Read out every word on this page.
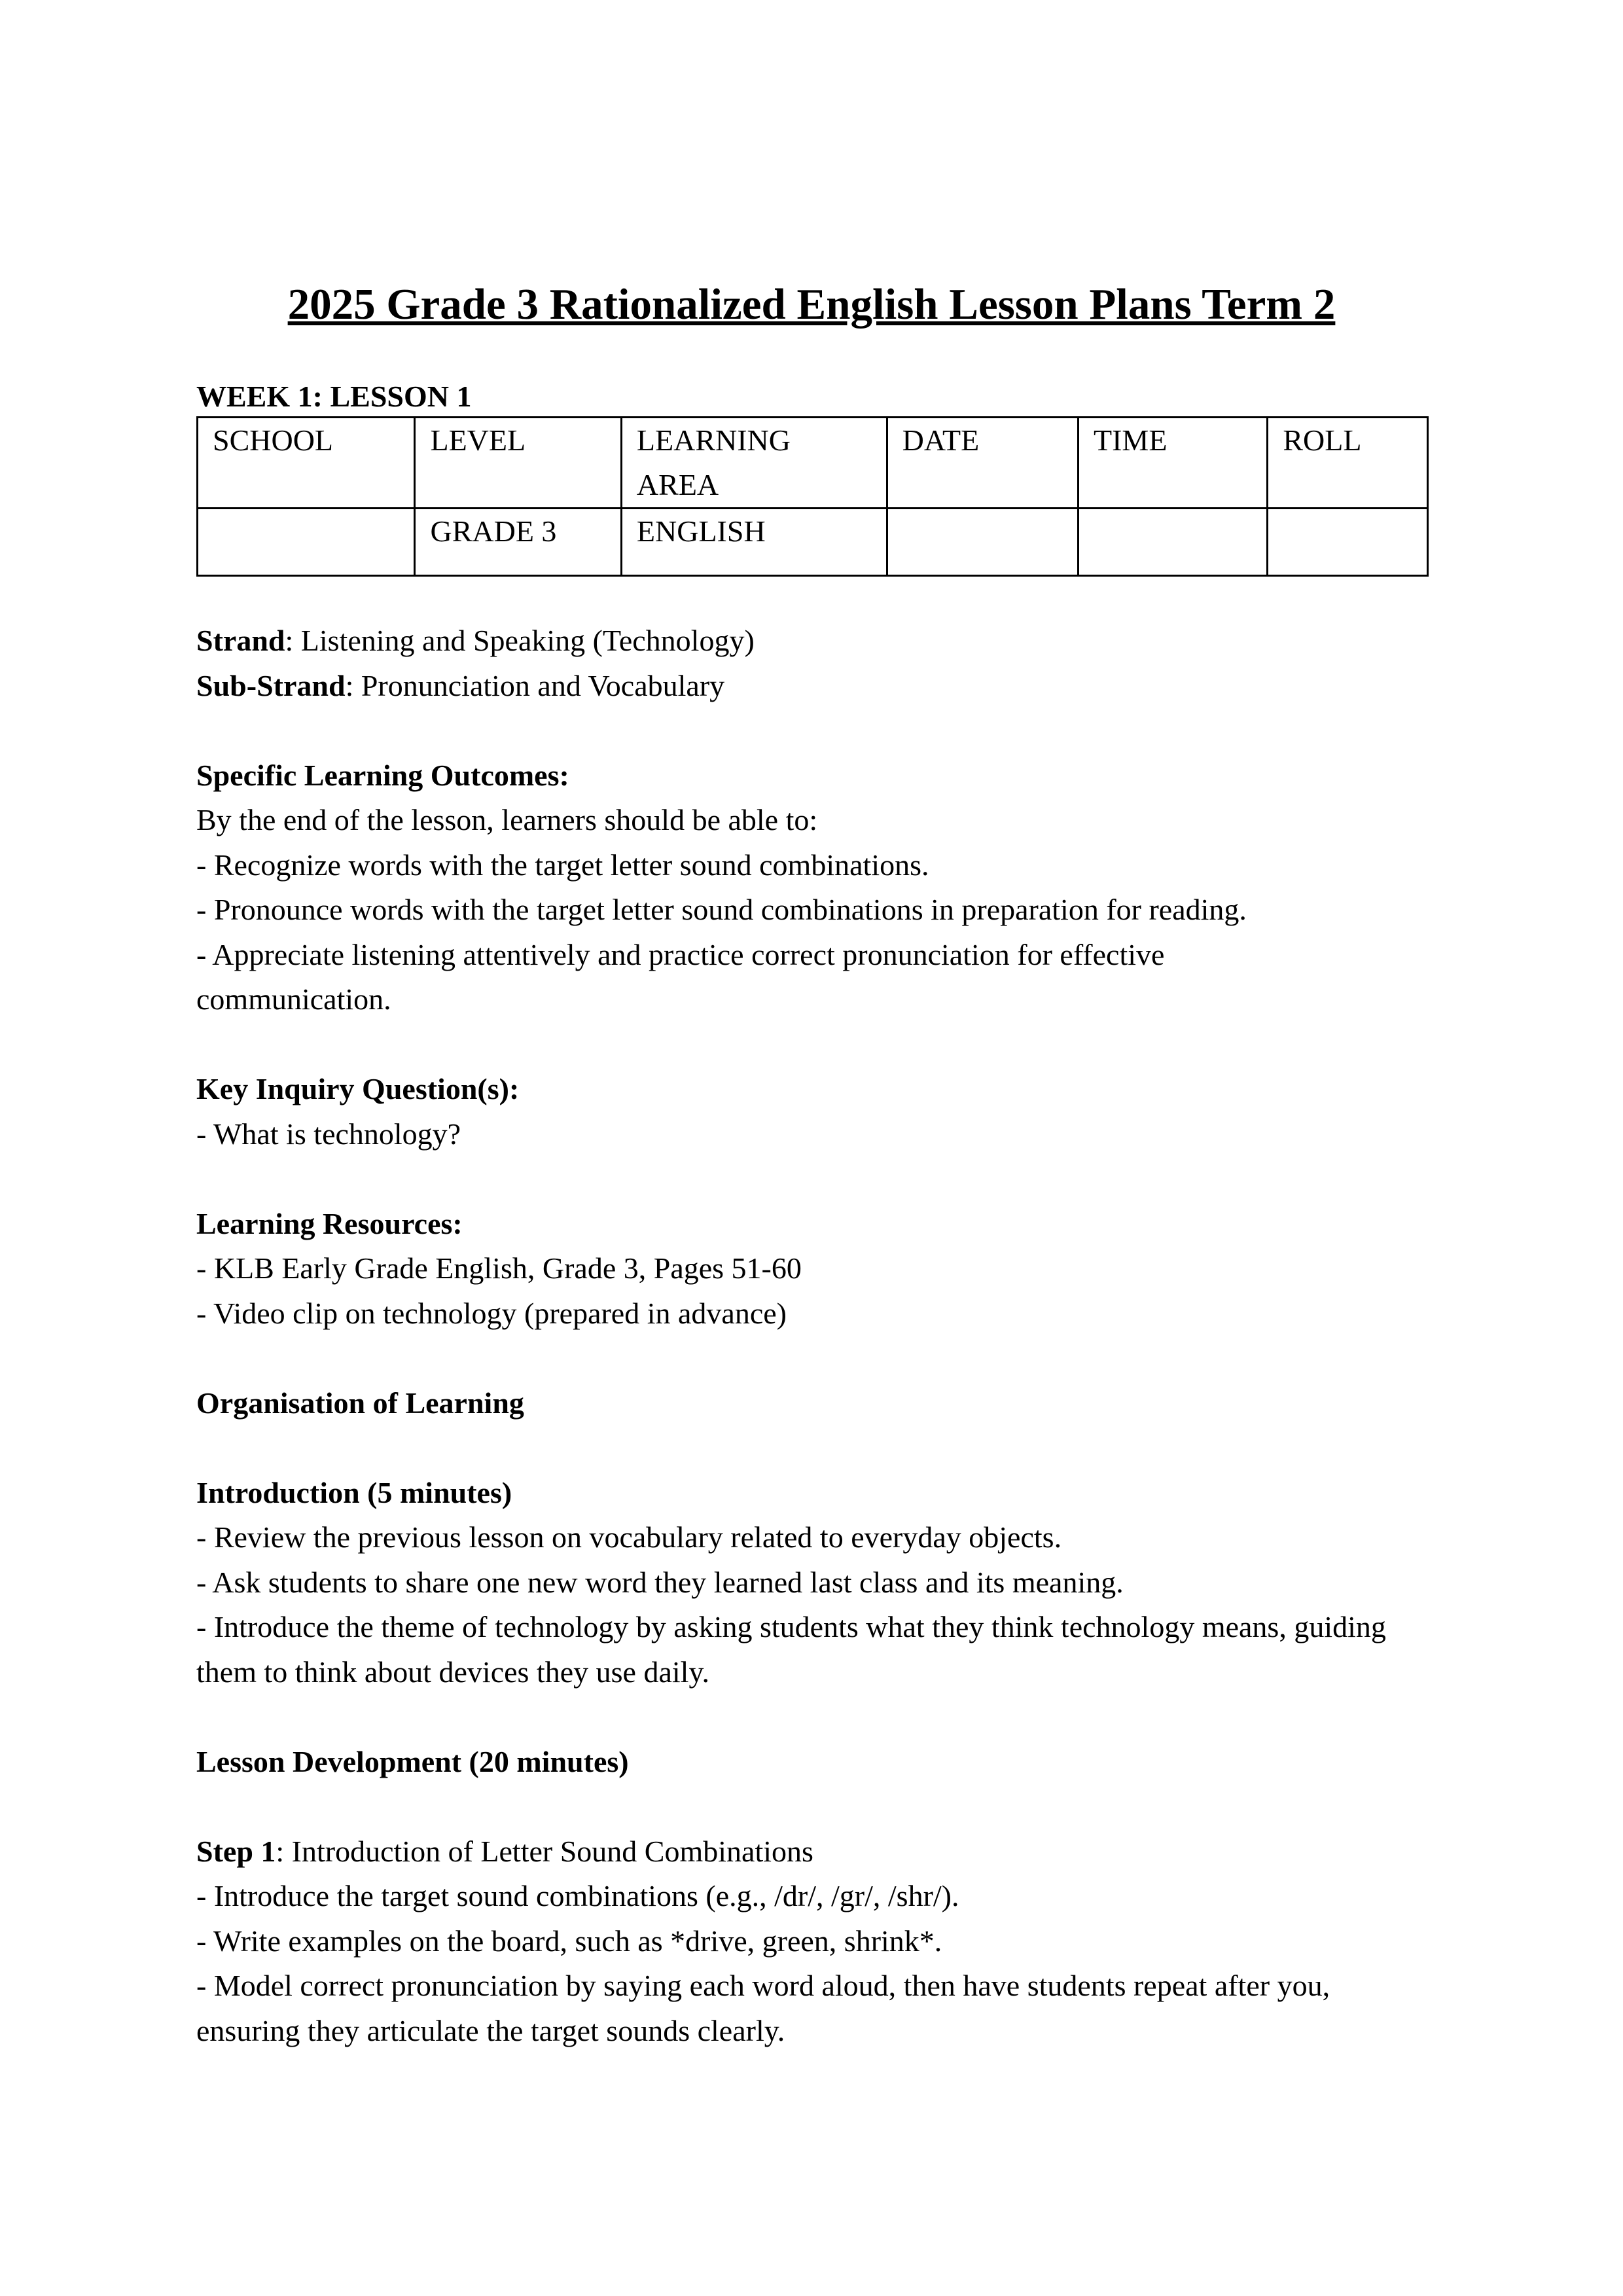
2025 Grade 3 Rationalized English Lesson Plans Term 2

WEEK 1: LESSON 1

SCHOOL	LEVEL	LEARNING AREA	DATE	TIME	ROLL
	GRADE 3	ENGLISH			

Strand: Listening and Speaking (Technology)

Sub-Strand: Pronunciation and Vocabulary

Specific Learning Outcomes:

By the end of the lesson, learners should be able to:

- Recognize words with the target letter sound combinations.

- Pronounce words with the target letter sound combinations in preparation for reading.

- Appreciate listening attentively and practice correct pronunciation for effective communication.

Key Inquiry Question(s):

- What is technology?

Learning Resources:

- KLB Early Grade English, Grade 3, Pages 51-60

- Video clip on technology (prepared in advance)

Organisation of Learning

Introduction (5 minutes)

- Review the previous lesson on vocabulary related to everyday objects.

- Ask students to share one new word they learned last class and its meaning.

- Introduce the theme of technology by asking students what they think technology means, guiding them to think about devices they use daily.

Lesson Development (20 minutes)

Step 1: Introduction of Letter Sound Combinations

- Introduce the target sound combinations (e.g., /dr/, /gr/, /shr/).

- Write examples on the board, such as *drive, green, shrink*.

- Model correct pronunciation by saying each word aloud, then have students repeat after you, ensuring they articulate the target sounds clearly.
